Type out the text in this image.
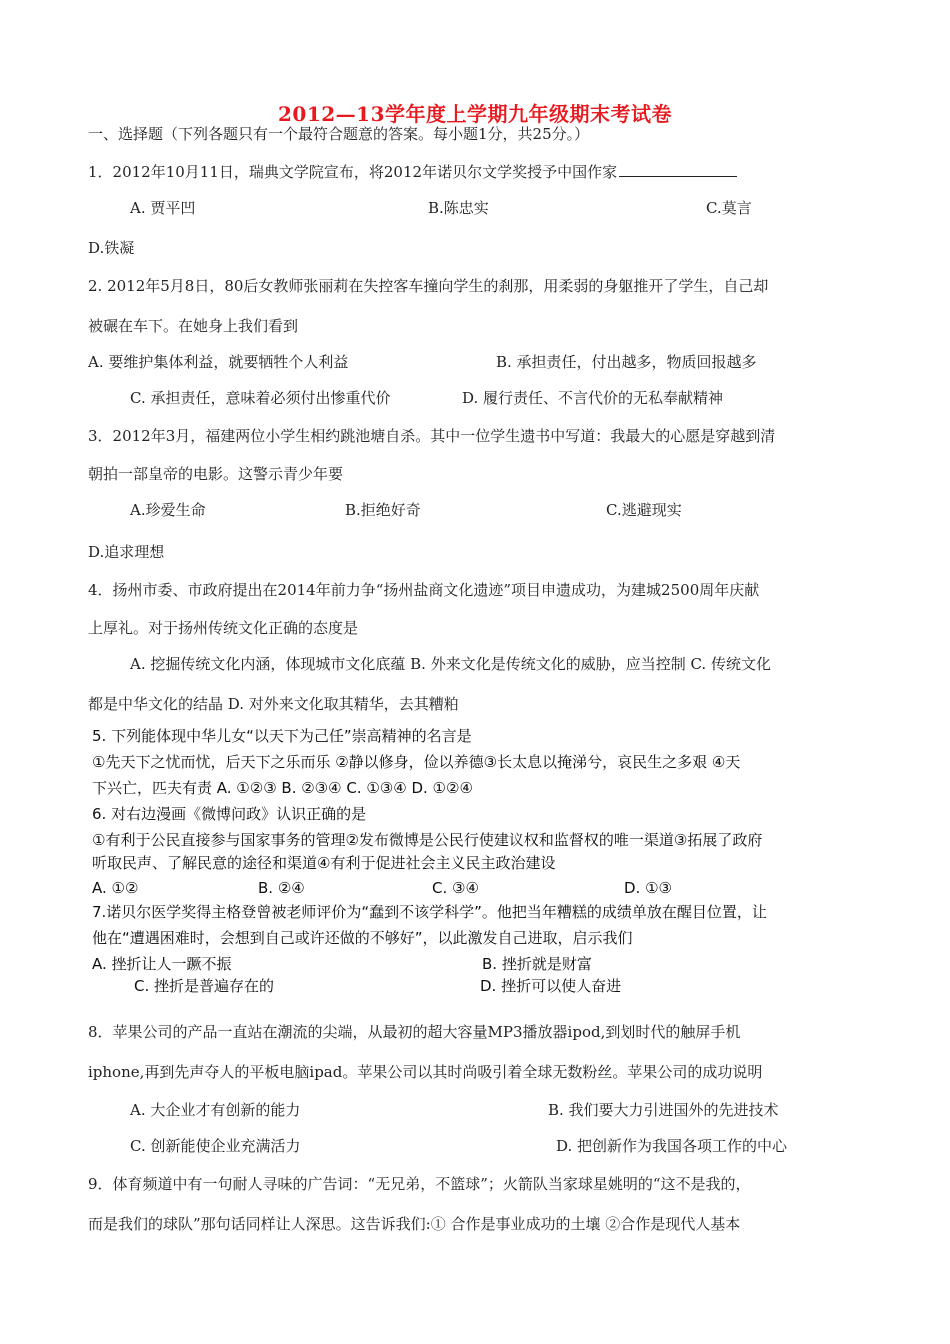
2012—13学年度上学期九年级期末考试卷
一、选择题（下列各题只有一个最符合题意的答案。每小题1分，共25分。）
1．2012年10月11日，瑞典文学院宣布，将2012年诺贝尔文学奖授予中国作家
A. 贾平凹	B.陈忠实	C.莫言
D.铁凝
2. 2012年5月8日，80后女教师张丽莉在失控客车撞向学生的刹那，用柔弱的身躯推开了学生，自己却
被碾在车下。在她身上我们看到
A. 要维护集体利益，就要牺牲个人利益	B. 承担责任，付出越多，物质回报越多
C. 承担责任，意味着必须付出惨重代价	D. 履行责任、不言代价的无私奉献精神
3．2012年3月，福建两位小学生相约跳池塘自杀。其中一位学生遗书中写道：我最大的心愿是穿越到清
朝拍一部皇帝的电影。这警示青少年要
A.珍爱生命	B.拒绝好奇	C.逃避现实
D.追求理想
4．扬州市委、市政府提出在2014年前力争“扬州盐商文化遗迹”项目申遗成功，为建城2500周年庆献
上厚礼。对于扬州传统文化正确的态度是
A. 挖掘传统文化内涵，体现城市文化底蕴 B. 外来文化是传统文化的威胁，应当控制 C. 传统文化
都是中华文化的结晶 D. 对外来文化取其精华，去其糟粕
5. 下列能体现中华儿女“以天下为己任”崇高精神的名言是
①先天下之忧而忧，后天下之乐而乐 ②静以修身，俭以养德③长太息以掩涕兮，哀民生之多艰 ④天
下兴亡，匹夫有责 A. ①②③ B. ②③④ C. ①③④ D. ①②④
6. 对右边漫画《微博问政》认识正确的是
①有利于公民直接参与国家事务的管理②发布微博是公民行使建议权和监督权的唯一渠道③拓展了政府
听取民声、了解民意的途径和渠道④有利于促进社会主义民主政治建设
A. ①②	B. ②④	C. ③④	D. ①③
7.诺贝尔医学奖得主格登曾被老师评价为“蠢到不该学科学”。他把当年糟糕的成绩单放在醒目位置，让
他在“遭遇困难时，会想到自己或许还做的不够好”，以此激发自己进取，启示我们
A. 挫折让人一蹶不振	B. 挫折就是财富
C. 挫折是普遍存在的	D. 挫折可以使人奋进
8．苹果公司的产品一直站在潮流的尖端，从最初的超大容量MP3播放器ipod,到划时代的触屏手机
iphone,再到先声夺人的平板电脑ipad。苹果公司以其时尚吸引着全球无数粉丝。苹果公司的成功说明
A. 大企业才有创新的能力	B. 我们要大力引进国外的先进技术
C. 创新能使企业充满活力	D. 把创新作为我国各项工作的中心
9．体育频道中有一句耐人寻味的广告词：“无兄弟，不篮球”；火箭队当家球星姚明的“这不是我的，
而是我们的球队”那句话同样让人深思。这告诉我们:① 合作是事业成功的土壤 ②合作是现代人基本
